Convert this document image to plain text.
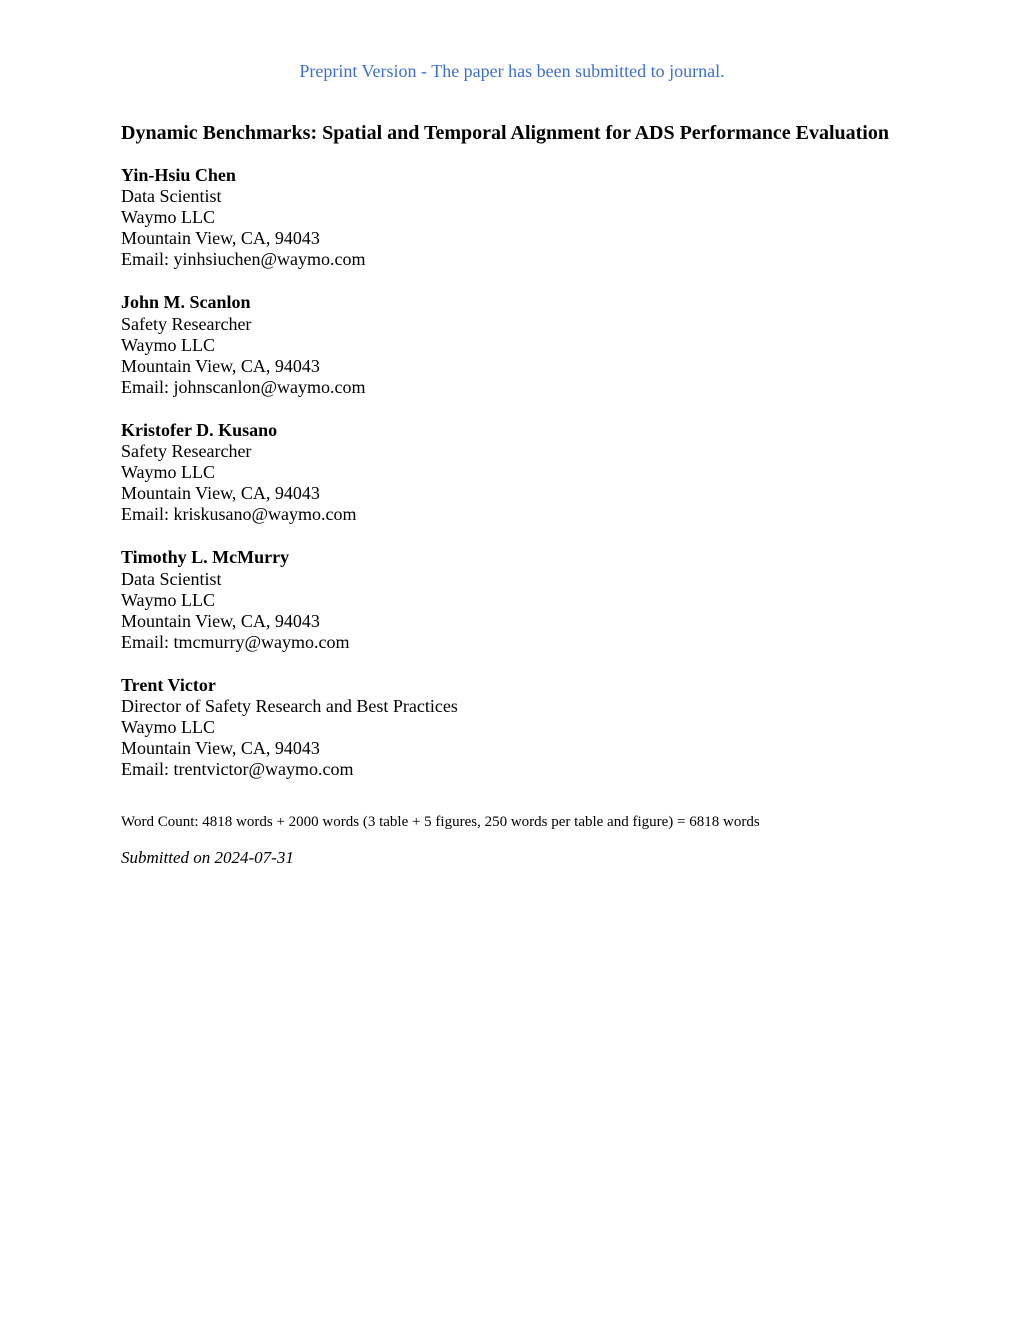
Preprint Version - The paper has been submitted to journal.
Dynamic Benchmarks: Spatial and Temporal Alignment for ADS Performance Evaluation
Yin-Hsiu Chen
Data Scientist
Waymo LLC
Mountain View, CA, 94043
Email: yinhsiuchen@waymo.com
John M. Scanlon
Safety Researcher
Waymo LLC
Mountain View, CA, 94043
Email: johnscanlon@waymo.com
Kristofer D. Kusano
Safety Researcher
Waymo LLC
Mountain View, CA, 94043
Email: kriskusano@waymo.com
Timothy L. McMurry
Data Scientist
Waymo LLC
Mountain View, CA, 94043
Email: tmcmurry@waymo.com
Trent Victor
Director of Safety Research and Best Practices
Waymo LLC
Mountain View, CA, 94043
Email: trentvictor@waymo.com
Word Count: 4818 words + 2000 words (3 table + 5 figures, 250 words per table and figure) = 6818 words
Submitted on 2024-07-31
